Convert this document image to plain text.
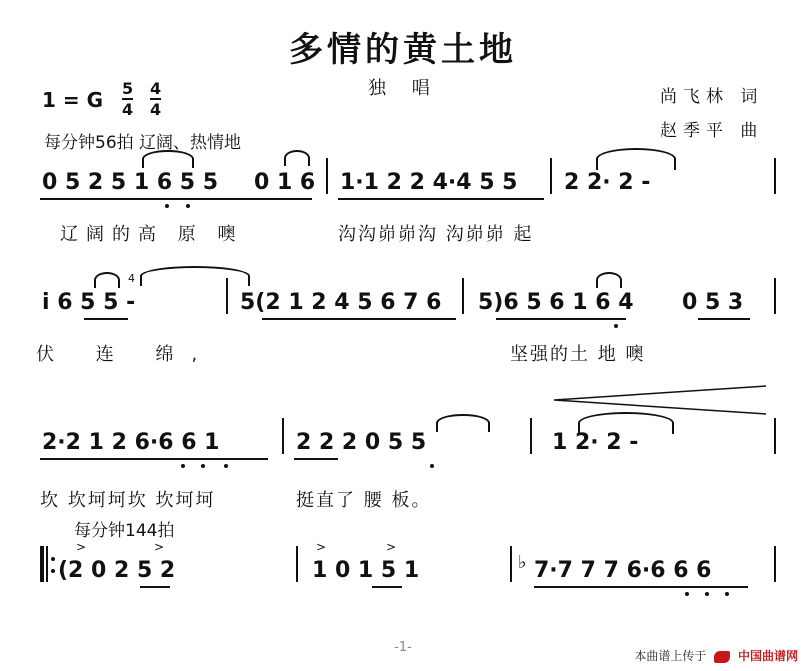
多情的黄土地
独 唱	尚飞林 词
赵季平 曲
1 = G 5
4
4
4
每分钟56拍 辽阔、热情地
0 5 2 5 1 6 5 5 0 1 6 1·1 2 2 4·4 5 5 2 2· 2 -
辽阔的高 原 噢	沟沟峁峁沟 沟峁峁 起
i 6 5 5 -
4
5(2 1 2 4 5 6 7 6 5)6 5 6 1 6 4 0 5 3
伏 连 绵,	坚强的土 地 噢
2·2 1 2 6·6 6 1	2 2 2 0 5 5	1 2· 2 -
坎 坎坷坷坎 坎坷坷	挺直了 腰 板。
每分钟144拍
(2 0 2 5 2	1 0 1 5 1	♭ 7·7 7 7 6·6 6 6
>	>	>	>
-1-
本曲谱上传于	中国曲谱网
